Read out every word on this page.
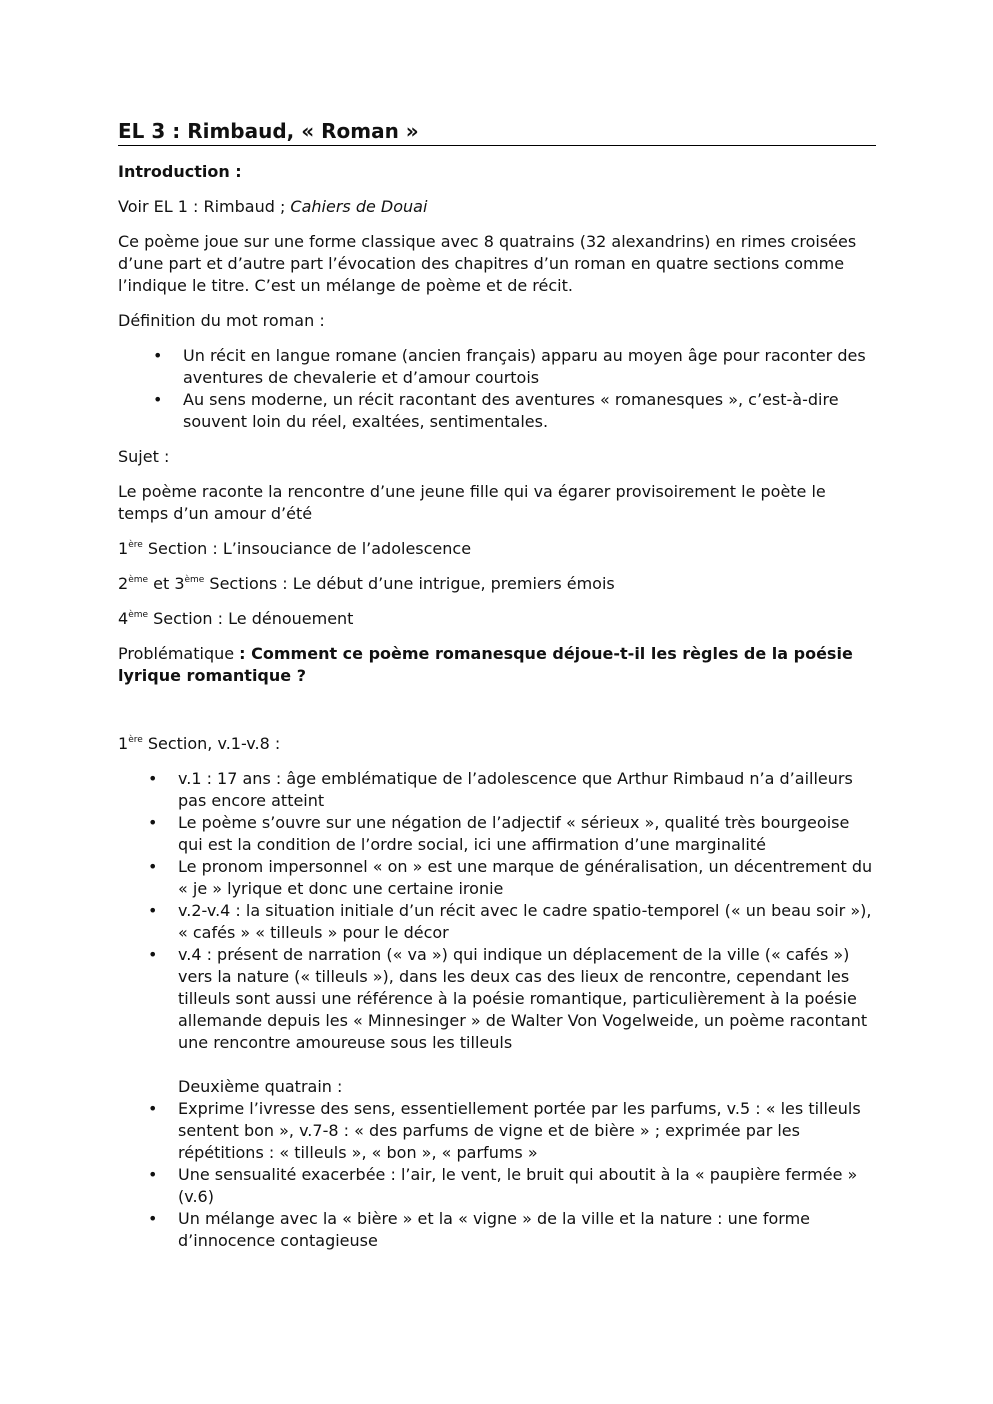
EL 3 : Rimbaud, « Roman »

Introduction :

Voir EL 1 : Rimbaud ; Cahiers de Douai

Ce poème joue sur une forme classique avec 8 quatrains (32 alexandrins) en rimes croisées d’une part et d’autre part l’évocation des chapitres d’un roman en quatre sections comme l’indique le titre. C’est un mélange de poème et de récit.

Définition du mot roman :

• Un récit en langue romane (ancien français) apparu au moyen âge pour raconter des aventures de chevalerie et d’amour courtois
• Au sens moderne, un récit racontant des aventures « romanesques », c’est-à-dire souvent loin du réel, exaltées, sentimentales.

Sujet :

Le poème raconte la rencontre d’une jeune fille qui va égarer provisoirement le poète le temps d’un amour d’été

1ère Section : L’insouciance de l’adolescence

2ème et 3ème Sections : Le début d’une intrigue, premiers émois

4ème Section : Le dénouement

Problématique : Comment ce poème romanesque déjoue-t-il les règles de la poésie lyrique romantique ?

1ère Section, v.1-v.8 :

• v.1 : 17 ans : âge emblématique de l’adolescence que Arthur Rimbaud n’a d’ailleurs pas encore atteint
• Le poème s’ouvre sur une négation de l’adjectif « sérieux », qualité très bourgeoise qui est la condition de l’ordre social, ici une affirmation d’une marginalité
• Le pronom impersonnel « on » est une marque de généralisation, un décentrement du « je » lyrique et donc une certaine ironie
• v.2-v.4 : la situation initiale d’un récit avec le cadre spatio-temporel (« un beau soir »), « cafés » « tilleuls » pour le décor
• v.4 : présent de narration (« va ») qui indique un déplacement de la ville (« cafés ») vers la nature (« tilleuls »), dans les deux cas des lieux de rencontre, cependant les tilleuls sont aussi une référence à la poésie romantique, particulièrement à la poésie allemande depuis les « Minnesinger » de Walter Von Vogelweide, un poème racontant une rencontre amoureuse sous les tilleuls
Deuxième quatrain :
• Exprime l’ivresse des sens, essentiellement portée par les parfums, v.5 : « les tilleuls sentent bon », v.7-8 : « des parfums de vigne et de bière » ; exprimée par les répétitions : « tilleuls », « bon », « parfums »
• Une sensualité exacerbée : l’air, le vent, le bruit qui aboutit à la « paupière fermée » (v.6)
• Un mélange avec la « bière » et la « vigne » de la ville et la nature : une forme d’innocence contagieuse
